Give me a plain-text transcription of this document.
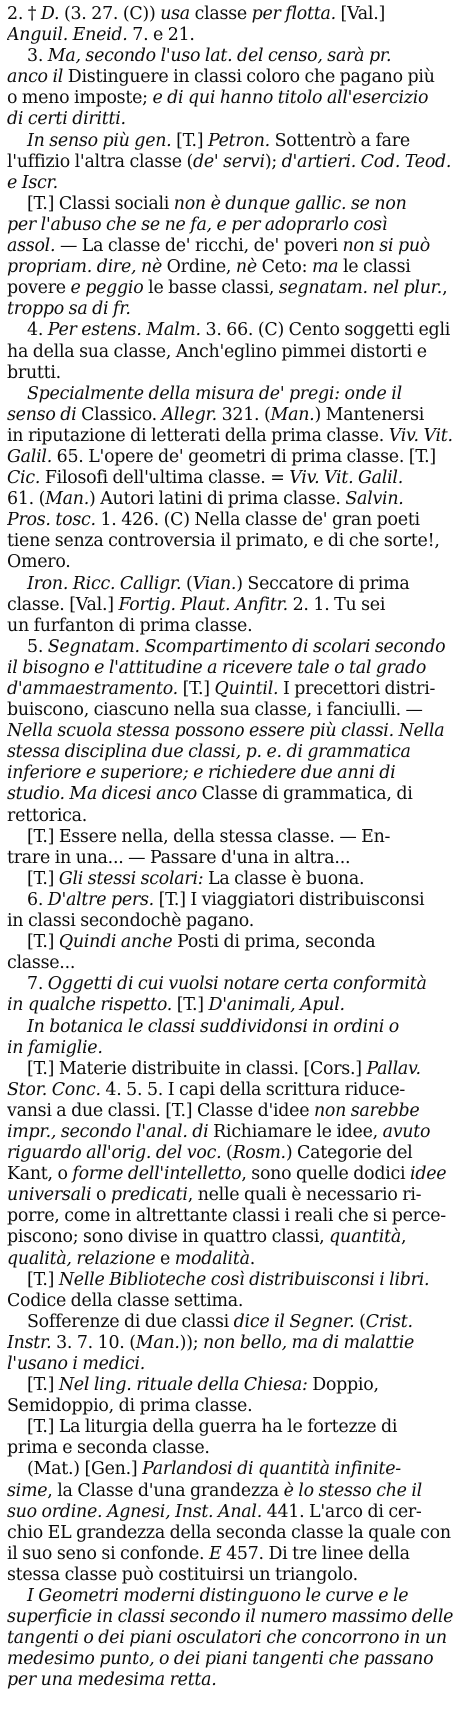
2. † D. (3. 27. (C)) usa classe per flotta. [Val.]
Anguil. Eneid. 7. e 21.
3. Ma, secondo l'uso lat. del censo, sarà pr.
anco il Distinguere in classi coloro che pagano più
o meno imposte; e di qui hanno titolo all'esercizio
di certi diritti.
In senso più gen. [T.] Petron. Sottentrò a fare
l'uffizio l'altra classe (de' servi); d'artieri. Cod. Teod.
e Iscr.
[T.] Classi sociali non è dunque gallic. se non
per l'abuso che se ne fa, e per adoprarlo così
assol. — La classe de' ricchi, de' poveri non si può
propriam. dire, nè Ordine, nè Ceto: ma le classi
povere e peggio le basse classi, segnatam. nel plur.,
troppo sa di fr.
4. Per estens. Malm. 3. 66. (C) Cento soggetti egli
ha della sua classe, Anch'eglino pimmei distorti e
brutti.
Specialmente della misura de' pregi: onde il
senso di Classico. Allegr. 321. (Man.) Mantenersi
in riputazione di letterati della prima classe. Viv. Vit.
Galil. 65. L'opere de' geometri di prima classe. [T.]
Cic. Filosofi dell'ultima classe. = Viv. Vit. Galil.
61. (Man.) Autori latini di prima classe. Salvin.
Pros. tosc. 1. 426. (C) Nella classe de' gran poeti
tiene senza controversia il primato, e di che sorte!,
Omero.
Iron. Ricc. Calligr. (Vian.) Seccatore di prima
classe. [Val.] Fortig. Plaut. Anfitr. 2. 1. Tu sei
un furfanton di prima classe.
5. Segnatam. Scompartimento di scolari secondo
il bisogno e l'attitudine a ricevere tale o tal grado
d'ammaestramento. [T.] Quintil. I precettori distri-
buiscono, ciascuno nella sua classe, i fanciulli. —
Nella scuola stessa possono essere più classi. Nella
stessa disciplina due classi, p. e. di grammatica
inferiore e superiore; e richiedere due anni di
studio. Ma dicesi anco Classe di grammatica, di
rettorica.
[T.] Essere nella, della stessa classe. — En-
trare in una... — Passare d'una in altra...
[T.] Gli stessi scolari: La classe è buona.
6. D'altre pers. [T.] I viaggiatori distribuisconsi
in classi secondochè pagano.
[T.] Quindi anche Posti di prima, seconda
classe...
7. Oggetti di cui vuolsi notare certa conformità
in qualche rispetto. [T.] D'animali, Apul.
In botanica le classi suddividonsi in ordini o
in famiglie.
[T.] Materie distribuite in classi. [Cors.] Pallav.
Stor. Conc. 4. 5. 5. I capi della scrittura riduce-
vansi a due classi. [T.] Classe d'idee non sarebbe
impr., secondo l'anal. di Richiamare le idee, avuto
riguardo all'orig. del voc. (Rosm.) Categorie del
Kant, o forme dell'intelletto, sono quelle dodici idee
universali o predicati, nelle quali è necessario ri-
porre, come in altrettante classi i reali che si perce-
piscono; sono divise in quattro classi, quantità,
qualità, relazione e modalità.
[T.] Nelle Biblioteche così distribuisconsi i libri.
Codice della classe settima.
Sofferenze di due classi dice il Segner. (Crist.
Instr. 3. 7. 10. (Man.)); non bello, ma di malattie
l'usano i medici.
[T.] Nel ling. rituale della Chiesa: Doppio,
Semidoppio, di prima classe.
[T.] La liturgia della guerra ha le fortezze di
prima e seconda classe.
(Mat.) [Gen.] Parlandosi di quantità infinite-
sime, la Classe d'una grandezza è lo stesso che il
suo ordine. Agnesi, Inst. Anal. 441. L'arco di cer-
chio EL grandezza della seconda classe la quale con
il suo seno si confonde. E 457. Di tre linee della
stessa classe può costituirsi un triangolo.
I Geometri moderni distinguono le curve e le
superficie in classi secondo il numero massimo delle
tangenti o dei piani osculatori che concorrono in un
medesimo punto, o dei piani tangenti che passano
per una medesima retta.
